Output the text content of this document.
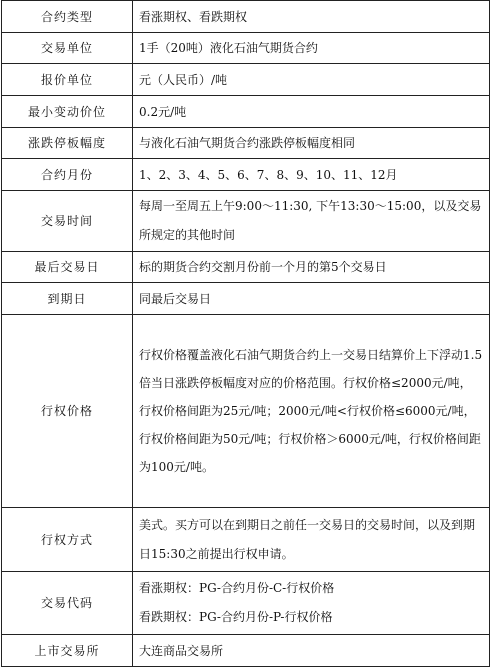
合约类型	看涨期权、看跌期权
交易单位	1手（20吨）液化石油气期货合约
报价单位	元（人民币）/吨
最小变动价位	0.2元/吨
涨跌停板幅度	与液化石油气期货合约涨跌停板幅度相同
合约月份	1、2、3、4、5、6、7、8、9、10、11、12月
交易时间	每周一至周五上午9:00～11:30, 下午13:30～15:00，以及交易所规定的其他时间
最后交易日	标的期货合约交割月份前一个月的第5个交易日
到期日	同最后交易日
行权价格	行权价格覆盖液化石油气期货合约上一交易日结算价上下浮动1.5倍当日涨跌停板幅度对应的价格范围。行权价格≤2000元/吨，行权价格间距为25元/吨；2000元/吨<行权价格≤6000元/吨，行权价格间距为50元/吨；行权价格＞6000元/吨，行权价格间距为100元/吨。
行权方式	美式。买方可以在到期日之前任一交易日的交易时间，以及到期日15:30之前提出行权申请。
交易代码	看涨期权：PG-合约月份-C-行权价格

看跌期权：PG-合约月份-P-行权价格

上市交易所	大连商品交易所
